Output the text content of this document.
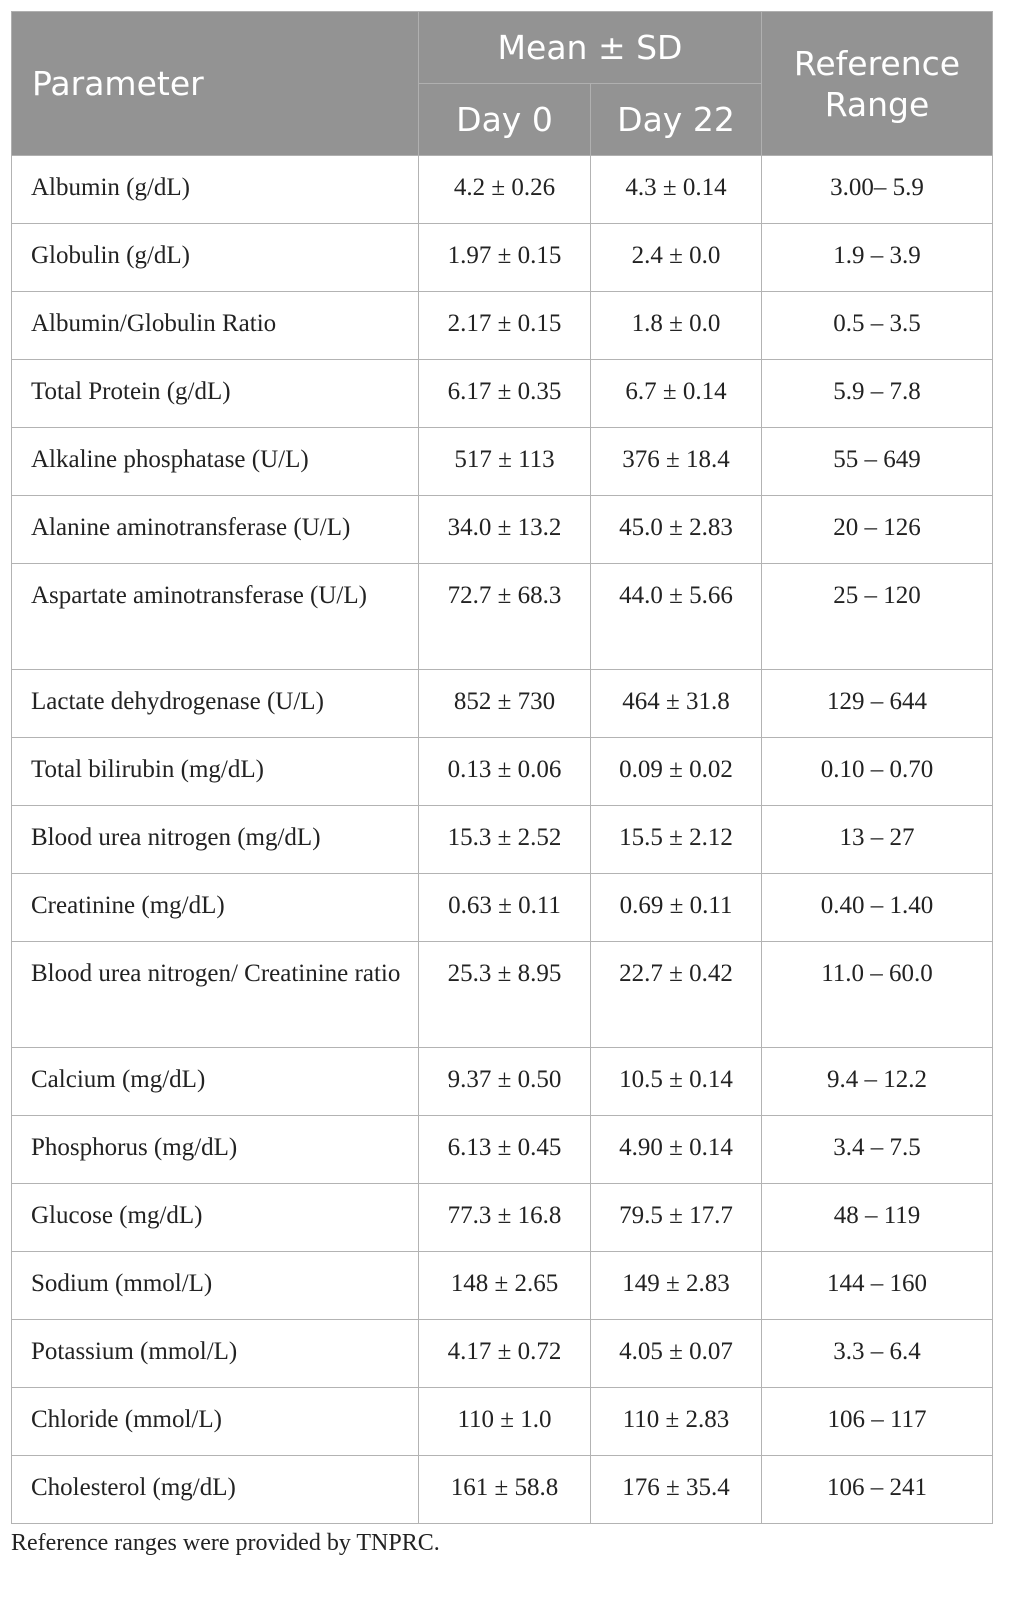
Parameter	Mean ± SD		Reference Range
	Day 0	Day 22	
Albumin (g/dL)	4.2 ± 0.26	4.3 ± 0.14	3.00– 5.9
Globulin (g/dL)	1.97 ± 0.15	2.4 ± 0.0	1.9 – 3.9
Albumin/Globulin Ratio	2.17 ± 0.15	1.8 ± 0.0	0.5 – 3.5
Total Protein (g/dL)	6.17 ± 0.35	6.7 ± 0.14	5.9 – 7.8
Alkaline phosphatase (U/L)	517 ± 113	376 ± 18.4	55 – 649
Alanine aminotransferase (U/L)	34.0 ± 13.2	45.0 ± 2.83	20 – 126
Aspartate aminotransferase (U/L)	72.7 ± 68.3	44.0 ± 5.66	25 – 120
Lactate dehydrogenase (U/L)	852 ± 730	464 ± 31.8	129 – 644
Total bilirubin (mg/dL)	0.13 ± 0.06	0.09 ± 0.02	0.10 – 0.70
Blood urea nitrogen (mg/dL)	15.3 ± 2.52	15.5 ± 2.12	13 – 27
Creatinine (mg/dL)	0.63 ± 0.11	0.69 ± 0.11	0.40 – 1.40
Blood urea nitrogen/ Creatinine ratio	25.3 ± 8.95	22.7 ± 0.42	11.0 – 60.0
Calcium (mg/dL)	9.37 ± 0.50	10.5 ± 0.14	9.4 – 12.2
Phosphorus (mg/dL)	6.13 ± 0.45	4.90 ± 0.14	3.4 – 7.5
Glucose (mg/dL)	77.3 ± 16.8	79.5 ± 17.7	48 – 119
Sodium (mmol/L)	148 ± 2.65	149 ± 2.83	144 – 160
Potassium (mmol/L)	4.17 ± 0.72	4.05 ± 0.07	3.3 – 6.4
Chloride (mmol/L)	110 ± 1.0	110 ± 2.83	106 – 117
Cholesterol (mg/dL)	161 ± 58.8	176 ± 35.4	106 – 241
Reference ranges were provided by TNPRC.
